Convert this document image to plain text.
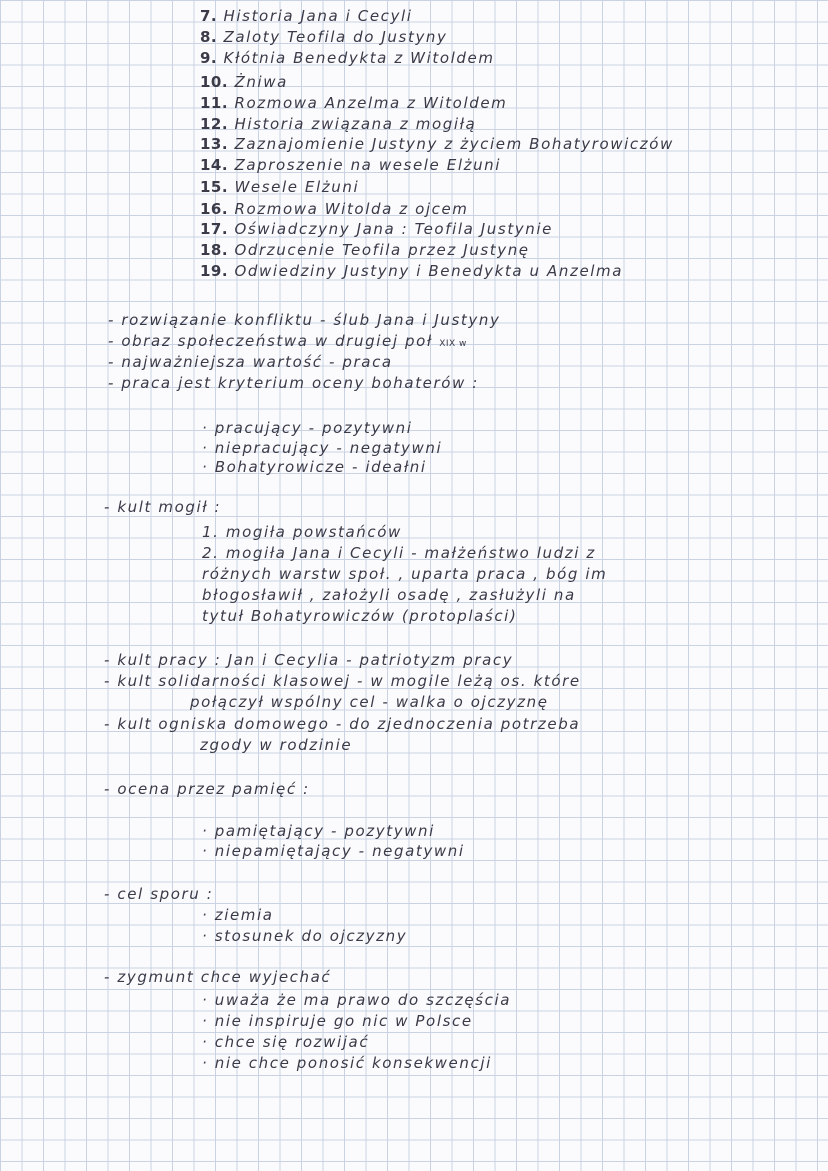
7. Historia Jana i Cecyli
8. Zaloty Teofila do Justyny
9. Kłótnia Benedykta z Witoldem
10. Żniwa
11. Rozmowa Anzelma z Witoldem
12. Historia związana z mogiłą
13. Zaznajomienie Justyny z życiem Bohatyrowiczów
14. Zaproszenie na wesele Elżuni
15. Wesele Elżuni
16. Rozmowa Witolda z ojcem
17. Oświadczyny Jana : Teofila Justynie
18. Odrzucenie Teofila przez Justynę
19. Odwiedziny Justyny i Benedykta u Anzelma
- rozwiązanie konfliktu - ślub Jana i Justyny
- obraz społeczeństwa w drugiej poł XIX w
- najważniejsza wartość - praca
- praca jest kryterium oceny bohaterów :
· pracujący - pozytywni
· niepracujący - negatywni
· Bohatyrowicze - ideałni
- kult mogił :
1. mogiła powstańców
2. mogiła Jana i Cecyli - małżeństwo ludzi z
różnych warstw społ. , uparta praca , bóg im
błogosławił , założyli osadę , zasłużyli na
tytuł Bohatyrowiczów (protoplaści)
- kult pracy : Jan i Cecylia - patriotyzm pracy
- kult solidarności klasowej - w mogile leżą os. które
połączył wspólny cel - walka o ojczyznę
- kult ogniska domowego - do zjednoczenia potrzeba
zgody w rodzinie
- ocena przez pamięć :
· pamiętający - pozytywni
· niepamiętający - negatywni
- cel sporu :
· ziemia
· stosunek do ojczyzny
- zygmunt chce wyjechać
· uważa że ma prawo do szczęścia
· nie inspiruje go nic w Polsce
· chce się rozwijać
· nie chce ponosić konsekwencji
